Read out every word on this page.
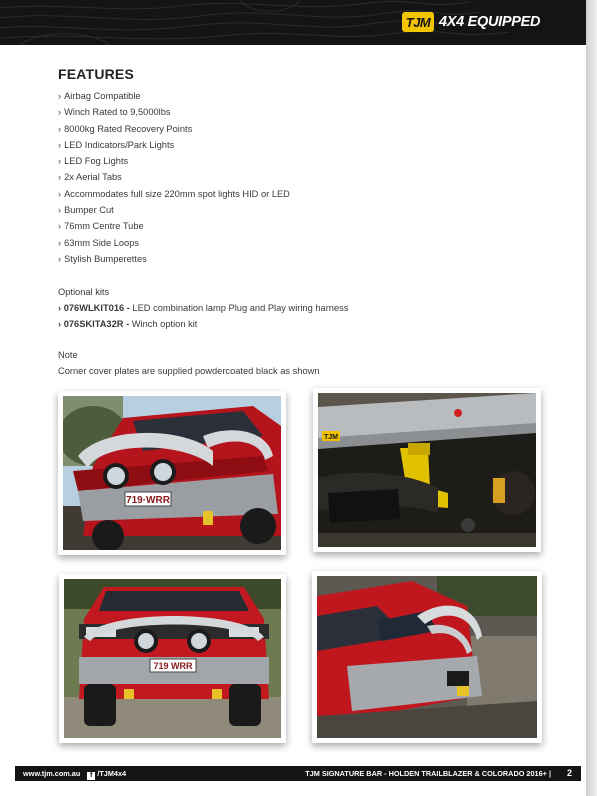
TJM 4X4 EQUIPPED
FEATURES
› Airbag Compatible
› Winch Rated to 9,5000lbs
› 8000kg Rated Recovery Points
› LED Indicators/Park Lights
› LED Fog Lights
› 2x Aerial Tabs
› Accommodates full size 220mm spot lights HID or LED
› Bumper Cut
› 76mm Centre Tube
› 63mm Side Loops
› Stylish Bumperettes
Optional kits
› 076WLKIT016 - LED combination lamp Plug and Play wiring harness
› 076SKITA32R - Winch option kit
Note
Corner cover plates are supplied powdercoated black as shown
719·WRR
TJM
719 WRR
www.tjm.com.au f /TJM4x4	TJM SIGNATURE BAR - HOLDEN TRAILBLAZER & COLORADO 2016+ | 2
